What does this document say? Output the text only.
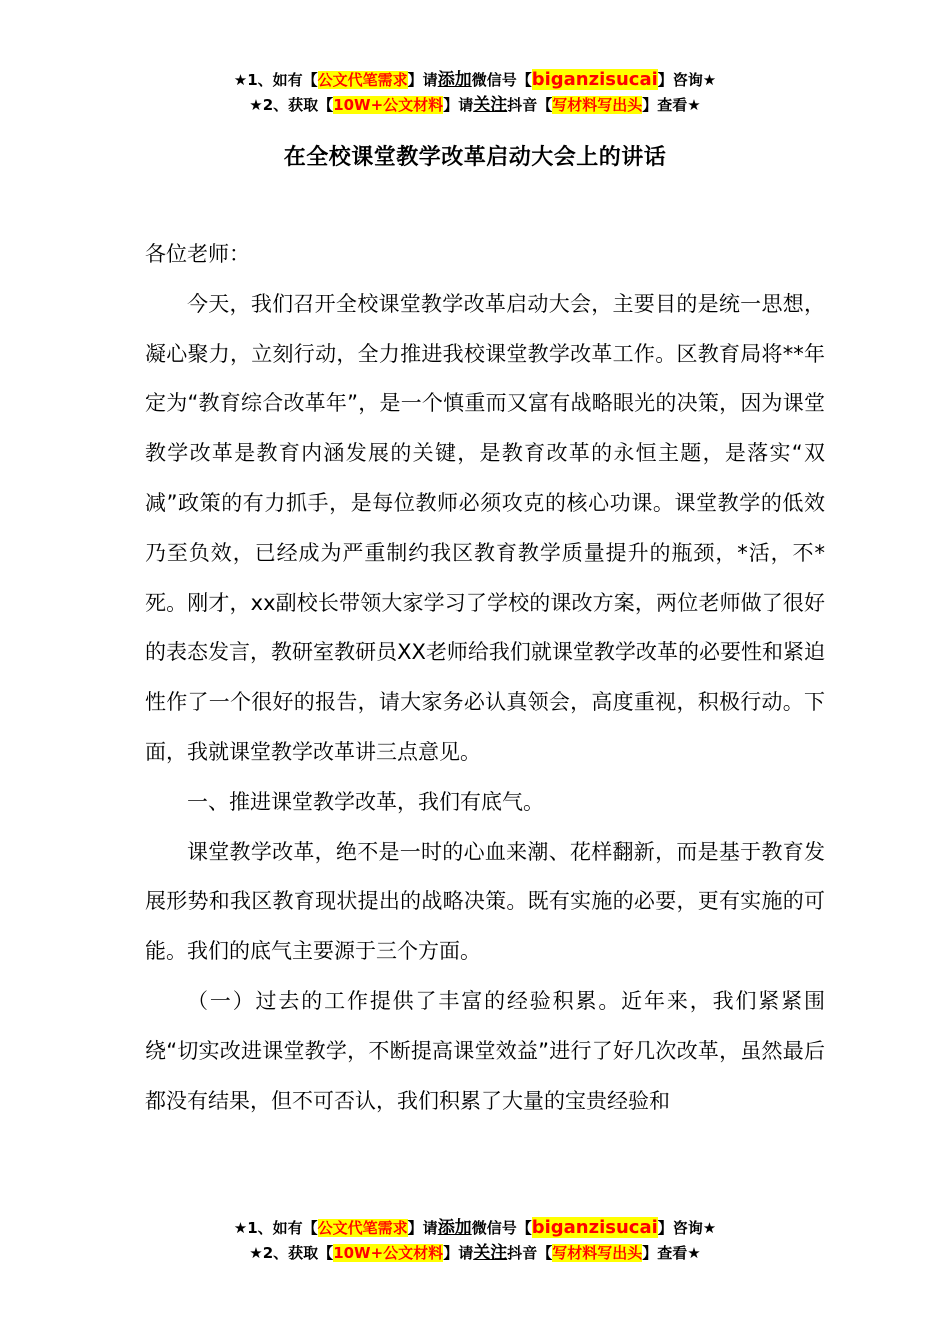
★1、如有【公文代笔需求】请添加微信号【biganzisucai】咨询★
★2、获取【10W+公文材料】请关注抖音【写材料写出头】查看★
在全校课堂教学改革启动大会上的讲话

各位老师：

今天，我们召开全校课堂教学改革启动大会，主要目的是统一思想，凝心聚力，立刻行动，全力推进我校课堂教学改革工作。区教育局将**年定为“教育综合改革年”，是一个慎重而又富有战略眼光的决策，因为课堂教学改革是教育内涵发展的关键，是教育改革的永恒主题，是落实“双减”政策的有力抓手，是每位教师必须攻克的核心功课。课堂教学的低效乃至负效，已经成为严重制约我区教育教学质量提升的瓶颈，*活，不*死。刚才，xx副校长带领大家学习了学校的课改方案，两位老师做了很好的表态发言，教研室教研员XX老师给我们就课堂教学改革的必要性和紧迫性作了一个很好的报告，请大家务必认真领会，高度重视，积极行动。下面，我就课堂教学改革讲三点意见。

一、推进课堂教学改革，我们有底气。

课堂教学改革，绝不是一时的心血来潮、花样翻新，而是基于教育发展形势和我区教育现状提出的战略决策。既有实施的必要，更有实施的可能。我们的底气主要源于三个方面。

（一）过去的工作提供了丰富的经验积累。近年来，我们紧紧围绕“切实改进课堂教学，不断提高课堂效益”进行了好几次改革，虽然最后都没有结果，但不可否认，我们积累了大量的宝贵经验和

★1、如有【公文代笔需求】请添加微信号【biganzisucai】咨询★
★2、获取【10W+公文材料】请关注抖音【写材料写出头】查看★
